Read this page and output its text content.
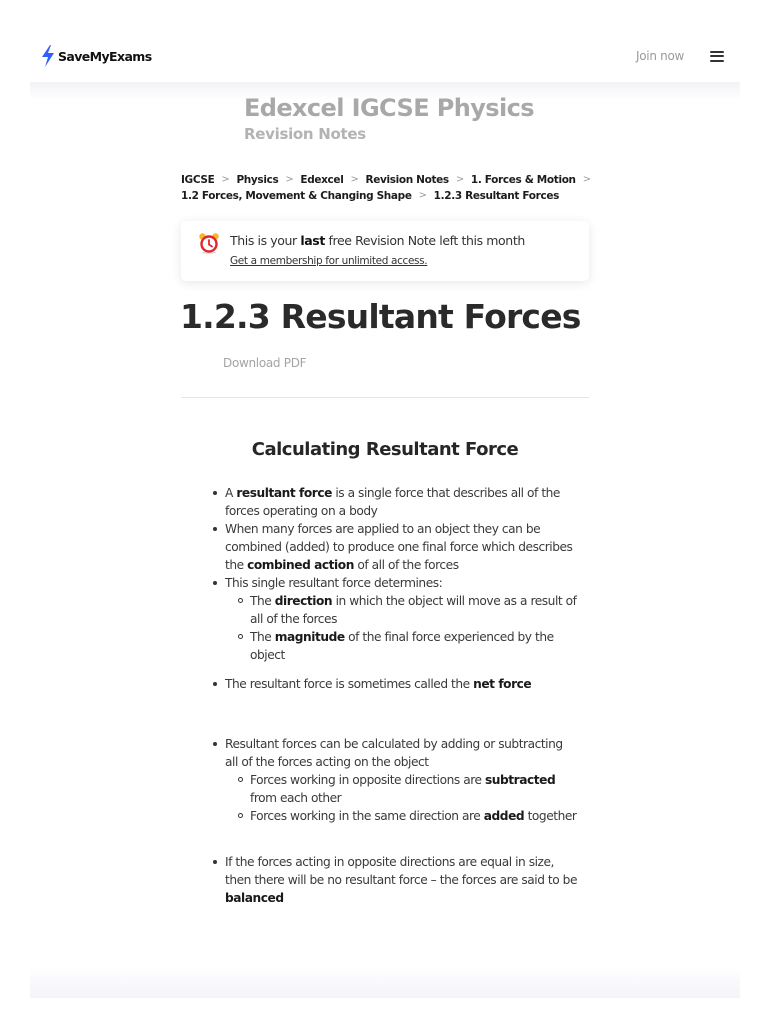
SaveMyExams	Join now
Edexcel IGCSE Physics
Revision Notes
IGCSE > Physics > Edexcel > Revision Notes > 1. Forces & Motion >
1.2 Forces, Movement & Changing Shape > 1.2.3 Resultant Forces
This is your last free Revision Note left this month
Get a membership for unlimited access.
1.2.3 Resultant Forces
Download PDF
Calculating Resultant Force
A resultant force is a single force that describes all of the forces operating on a body
When many forces are applied to an object they can be combined (added) to produce one final force which describes the combined action of all of the forces
This single resultant force determines:
The direction in which the object will move as a result of all of the forces
The magnitude of the final force experienced by the object
The resultant force is sometimes called the net force
Resultant forces can be calculated by adding or subtracting all of the forces acting on the object
Forces working in opposite directions are subtracted from each other
Forces working in the same direction are added together
If the forces acting in opposite directions are equal in size, then there will be no resultant force – the forces are said to be balanced
